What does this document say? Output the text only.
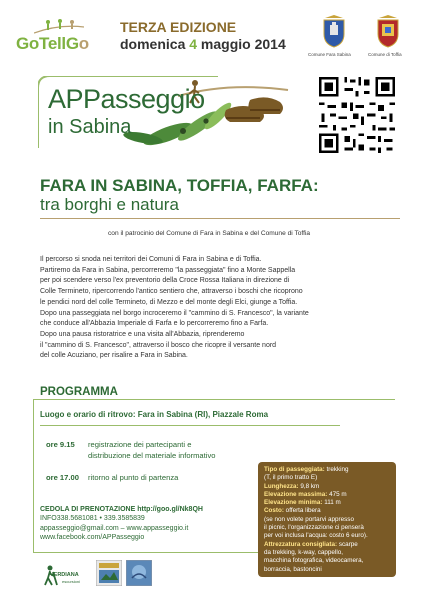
GoTellGo
TERZA EDIZIONE
domenica 4 maggio 2014
Comune Fara Sabina	Comune di Toffia
APPasseggio
in Sabina
FARA IN SABINA, TOFFIA, FARFA:
tra borghi e natura
con il patrocinio del Comune di Fara in Sabina e del Comune di Toffia

Il percorso si snoda nei territori dei Comuni di Fara in Sabina e di Toffia.

Partiremo da Fara in Sabina, percorreremo "la passeggiata" fino a Monte Sappella

per poi scendere verso l'ex preventorio della Croce Rossa Italiana in direzione di

Colle Termineto, ripercorrendo l'antico sentiero che, attraverso i boschi che ricoprono

le pendici nord del colle Termineto, di Mezzo e del monte degli Elci, giunge a Toffia.

Dopo una passeggiata nel borgo incroceremo il "cammino di S. Francesco", la variante

che conduce all'Abbazia Imperiale di Farfa e lo percorreremo fino a Farfa.

Dopo una pausa ristoratrice e una visita all'Abbazia, riprenderemo

il "cammino di S. Francesco", attraverso il bosco che ricopre il versante nord

del colle Acuziano, per risalire a Fara in Sabina.

PROGRAMMA
Luogo e orario di ritrovo: Fara in Sabina (RI), Piazzale Roma
ore 9.15 registrazione dei partecipanti e
distribuzione del materiale informativo
ore 17.00 ritorno al punto di partenza
CEDOLA DI PRENOTAZIONE http://goo.gl/Nk8QH
INFO338.5681081 • 339.3585839
appasseggio@gmail.com – www.appasseggio.it
www.facebook.com/APPasseggio
Tipo di passeggiata: trekking
(T, il primo tratto E)
Lunghezza: 9,8 km
Elevazione massima: 475 m
Elevazione minima: 111 m
Costo: offerta libera
(se non volete portarvi appresso
il picnic, l'organizzazione ci penserà
per voi inclusa l'acqua: costo 6 euro).
Attrezzatura consigliata: scarpe
da trekking, k-way, cappello,
macchina fotografica, videocamera,
borraccia, bastoncini
VERDIANA
escursioni
